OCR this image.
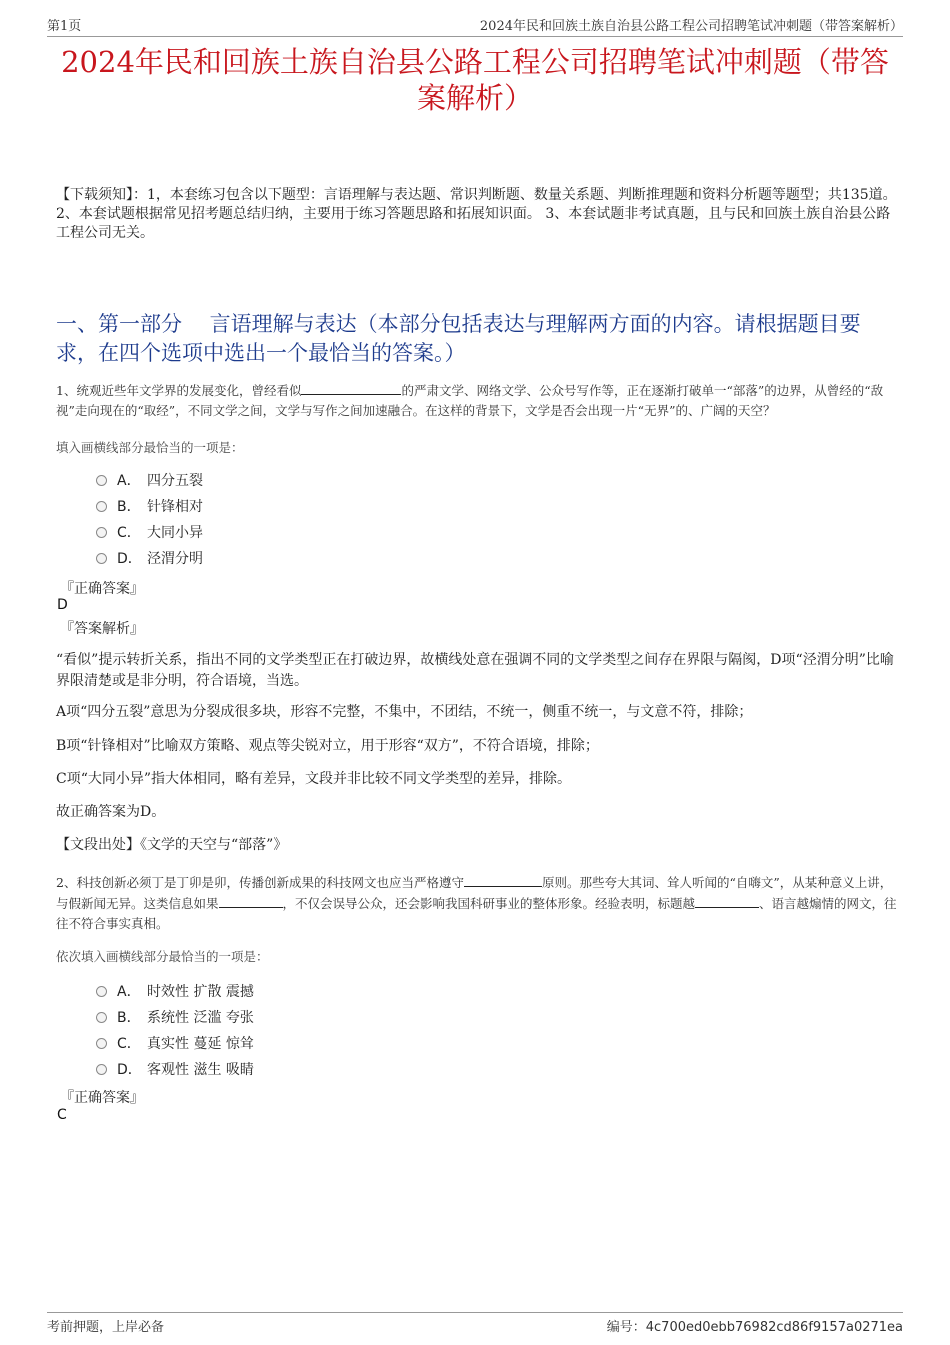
第1页	2024年民和回族土族自治县公路工程公司招聘笔试冲刺题（带答案解析）
2024年民和回族土族自治县公路工程公司招聘笔试冲刺题（带答案解析）
【下载须知】：1，本套练习包含以下题型：言语理解与表达题、常识判断题、数量关系题、判断推理题和资料分析题等题型；共135道。 2、本套试题根据常见招考题总结归纳，主要用于练习答题思路和拓展知识面。 3、本套试题非考试真题，且与民和回族土族自治县公路工程公司无关。
一、第一部分　 言语理解与表达（本部分包括表达与理解两方面的内容。请根据题目要求，在四个选项中选出一个最恰当的答案。）
1、统观近些年文学界的发展变化，曾经看似	的严肃文学、网络文学、公众号写作等，正在逐渐打破单一“部落”的边界，从曾经的“敌视”走向现在的“取经”，不同文学之间，文学与写作之间加速融合。在这样的背景下，文学是否会出现一片“无界”的、广阔的天空？
填入画横线部分最恰当的一项是：
A． 四分五裂
B． 针锋相对
C． 大同小异
D． 泾渭分明
『正确答案』
D
『答案解析』
“看似”提示转折关系，指出不同的文学类型正在打破边界，故横线处意在强调不同的文学类型之间存在界限与隔阂，D项“泾渭分明”比喻界限清楚或是非分明，符合语境，当选。
A项“四分五裂”意思为分裂成很多块，形容不完整，不集中，不团结，不统一，侧重不统一，与文意不符，排除；
B项“针锋相对”比喻双方策略、观点等尖锐对立，用于形容“双方”，不符合语境，排除；
C项“大同小异”指大体相同，略有差异，文段并非比较不同文学类型的差异，排除。
故正确答案为D。
【文段出处】《文学的天空与“部落”》
2、科技创新必须丁是丁卯是卯，传播创新成果的科技网文也应当严格遵守	原则。那些夸大其词、耸人听闻的“自嗨文”，从某种意义上讲，与假新闻无异。这类信息如果	，不仅会误导公众，还会影响我国科研事业的整体形象。经验表明，标题越	、语言越煽情的网文，往往不符合事实真相。
依次填入画横线部分最恰当的一项是：
A． 时效性 扩散 震撼
B． 系统性 泛滥 夸张
C． 真实性 蔓延 惊耸
D． 客观性 滋生 吸睛
『正确答案』
C
考前押题，上岸必备	编号：4c700ed0ebb76982cd86f9157a0271ea
